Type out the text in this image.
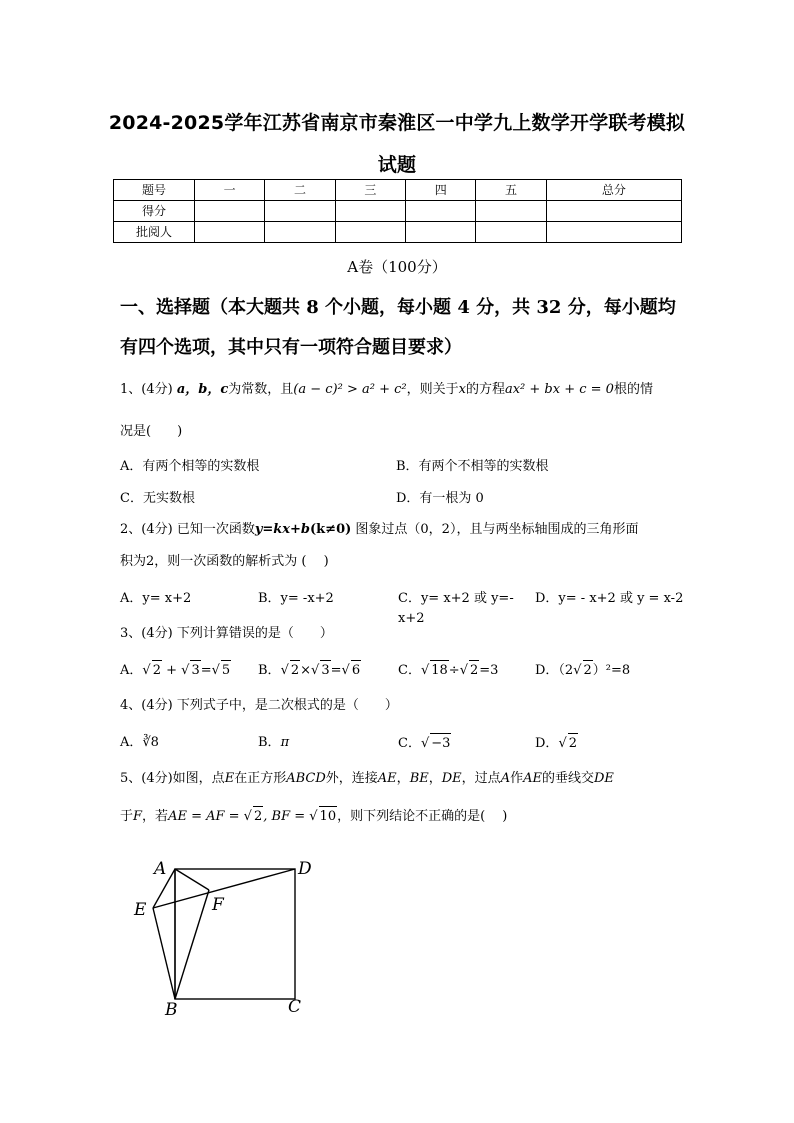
2024-2025学年江苏省南京市秦淮区一中学九上数学开学联考模拟
试题
题号	一	二	三	四	五	总分
得分						
批阅人						
A卷（100分）
一、选择题（本大题共 8 个小题，每小题 4 分，共 32 分，每小题均
有四个选项，其中只有一项符合题目要求）
1、(4分) a，b，c为常数，且(a − c)² > a² + c²，则关于x的方程ax² + bx + c = 0根的情
况是(　　)
A．有两个相等的实数根	B．有两个不相等的实数根
C．无实数根	D．有一根为 0
2、(4分) 已知一次函数y=kx+b(k≠0) 图象过点（0，2），且与两坐标轴围成的三角形面
积为2，则一次函数的解析式为 (　 )
A．y= x+2	B．y= -x+2	C．y= x+2 或 y=-x+2
D．y= - x+2 或 y = x-2
3、(4分) 下列计算错误的是（　　）
A．√ 2 + √ 3=√ 5	B．√ 2×√ 3=√ 6	C．√ 18÷√ 2=3	D．（2√ 2）²=8
4、(4分) 下列式子中，是二次根式的是（　　）
A．∛8	B．π	C．√ −3	D．√ 2
5、(4分)如图，点E在正方形ABCD外，连接AE，BE，DE，过点A作AE的垂线交DE
于F，若AE = AF = √ 2, BF = √ 10，则下列结论不正确的是(　 )
A
B	C
D
E	F
